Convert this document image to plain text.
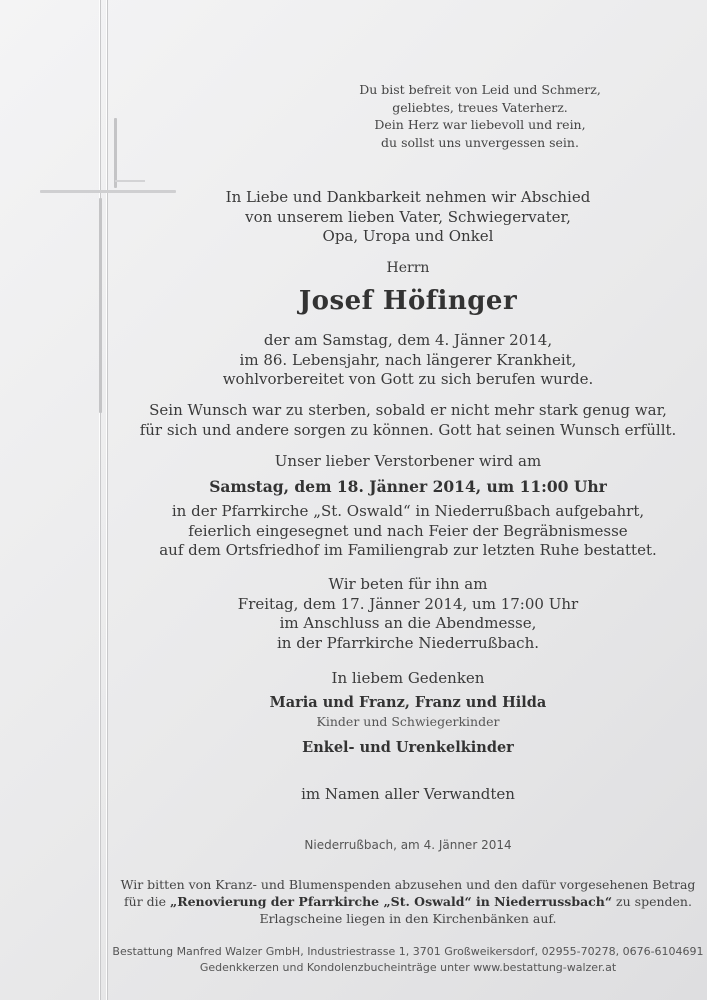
Du bist befreit von Leid und Schmerz,
geliebtes, treues Vaterherz.
Dein Herz war liebevoll und rein,
du sollst uns unvergessen sein.
In Liebe und Dankbarkeit nehmen wir Abschied
von unserem lieben Vater, Schwiegervater,
Opa, Uropa und Onkel
Herrn
Josef Höfinger
der am Samstag, dem 4. Jänner 2014,
im 86. Lebensjahr, nach längerer Krankheit,
wohlvorbereitet von Gott zu sich berufen wurde.
Sein Wunsch war zu sterben, sobald er nicht mehr stark genug war,
für sich und andere sorgen zu können. Gott hat seinen Wunsch erfüllt.
Unser lieber Verstorbener wird am
Samstag, dem 18. Jänner 2014, um 11:00 Uhr
in der Pfarrkirche „St. Oswald“ in Niederrußbach aufgebahrt,
feierlich eingesegnet und nach Feier der Begräbnismesse
auf dem Ortsfriedhof im Familiengrab zur letzten Ruhe bestattet.
Wir beten für ihn am
Freitag, dem 17. Jänner 2014, um 17:00 Uhr
im Anschluss an die Abendmesse,
in der Pfarrkirche Niederrußbach.
In liebem Gedenken
Maria und Franz, Franz und Hilda
Kinder und Schwiegerkinder
Enkel- und Urenkelkinder
im Namen aller Verwandten
Niederrußbach, am 4. Jänner 2014
Wir bitten von Kranz- und Blumenspenden abzusehen und den dafür vorgesehenen Betrag
für die „Renovierung der Pfarrkirche „St. Oswald“ in Niederrussbach“ zu spenden.
Erlagscheine liegen in den Kirchenbänken auf.
Bestattung Manfred Walzer GmbH, Industriestrasse 1, 3701 Großweikersdorf, 02955-70278, 0676-6104691
Gedenkkerzen und Kondolenzbucheinträge unter www.bestattung-walzer.at
